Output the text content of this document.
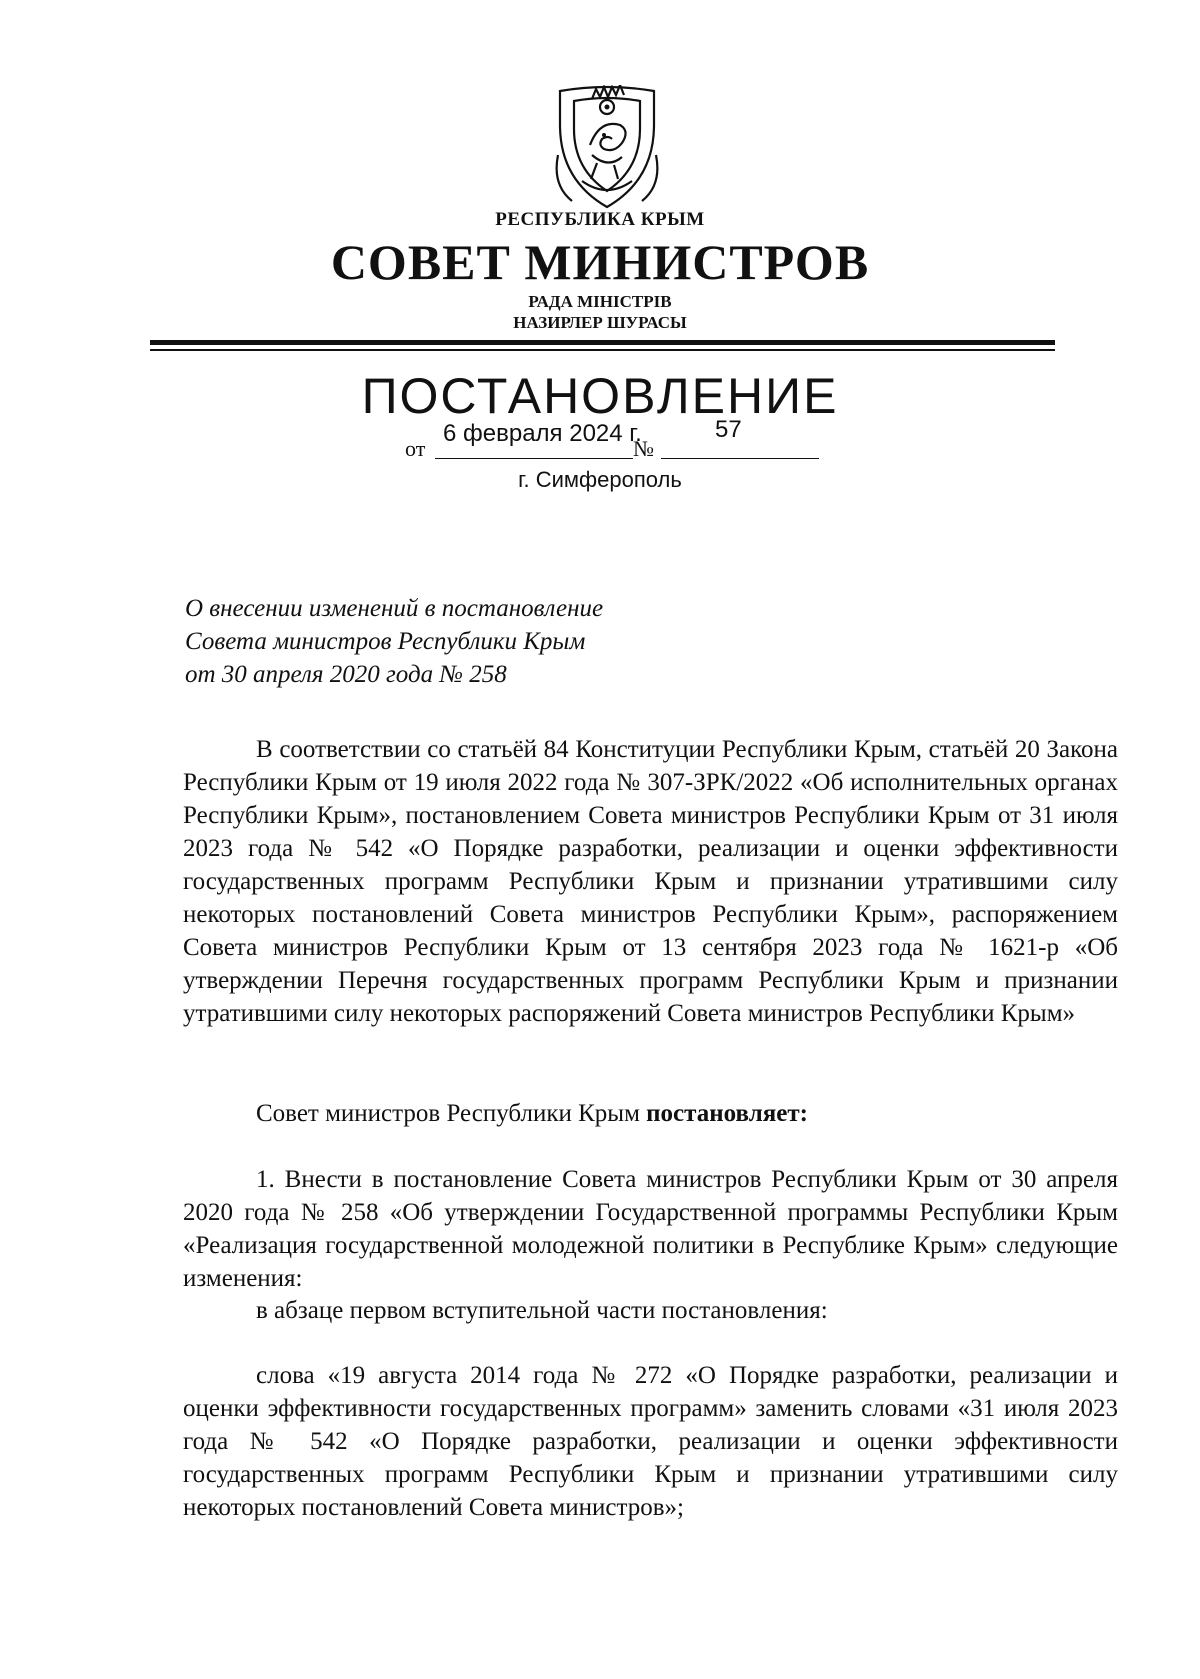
РЕСПУБЛИКА КРЫМ
СОВЕТ МИНИСТРОВ
РАДА МІНІСТРІВ
НАЗИРЛЕР ШУРАСЫ
ПОСТАНОВЛЕНИЕ
от
6 февраля 2024 г.
№
57
г. Симферополь
О внесении изменений в постановление
Совета министров Республики Крым
от 30 апреля 2020 года № 258

В соответствии со статьёй 84 Конституции Республики Крым, статьёй 20 Закона Республики Крым от 19 июля 2022 года № 307-ЗРК/2022 «Об исполнительных органах Республики Крым», постановлением Совета министров Республики Крым от 31 июля 2023 года № 542 «О Порядке разработки, реализации и оценки эффективности государственных программ Республики Крым и признании утратившими силу некоторых постановлений Совета министров Республики Крым», распоряжением Совета министров Республики Крым от 13 сентября 2023 года № 1621-р «Об утверждении Перечня государственных программ Республики Крым и признании утратившими силу некоторых распоряжений Совета министров Республики Крым»

Совет министров Республики Крым постановляет:

1. Внести в постановление Совета министров Республики Крым от 30 апреля 2020 года № 258 «Об утверждении Государственной программы Республики Крым «Реализация государственной молодежной политики в Республике Крым» следующие изменения:

в абзаце первом вступительной части постановления:

слова «19 августа 2014 года № 272 «О Порядке разработки, реализации и оценки эффективности государственных программ» заменить словами «31 июля 2023 года № 542 «О Порядке разработки, реализации и оценки эффективности государственных программ Республики Крым и признании утратившими силу некоторых постановлений Совета министров»;
